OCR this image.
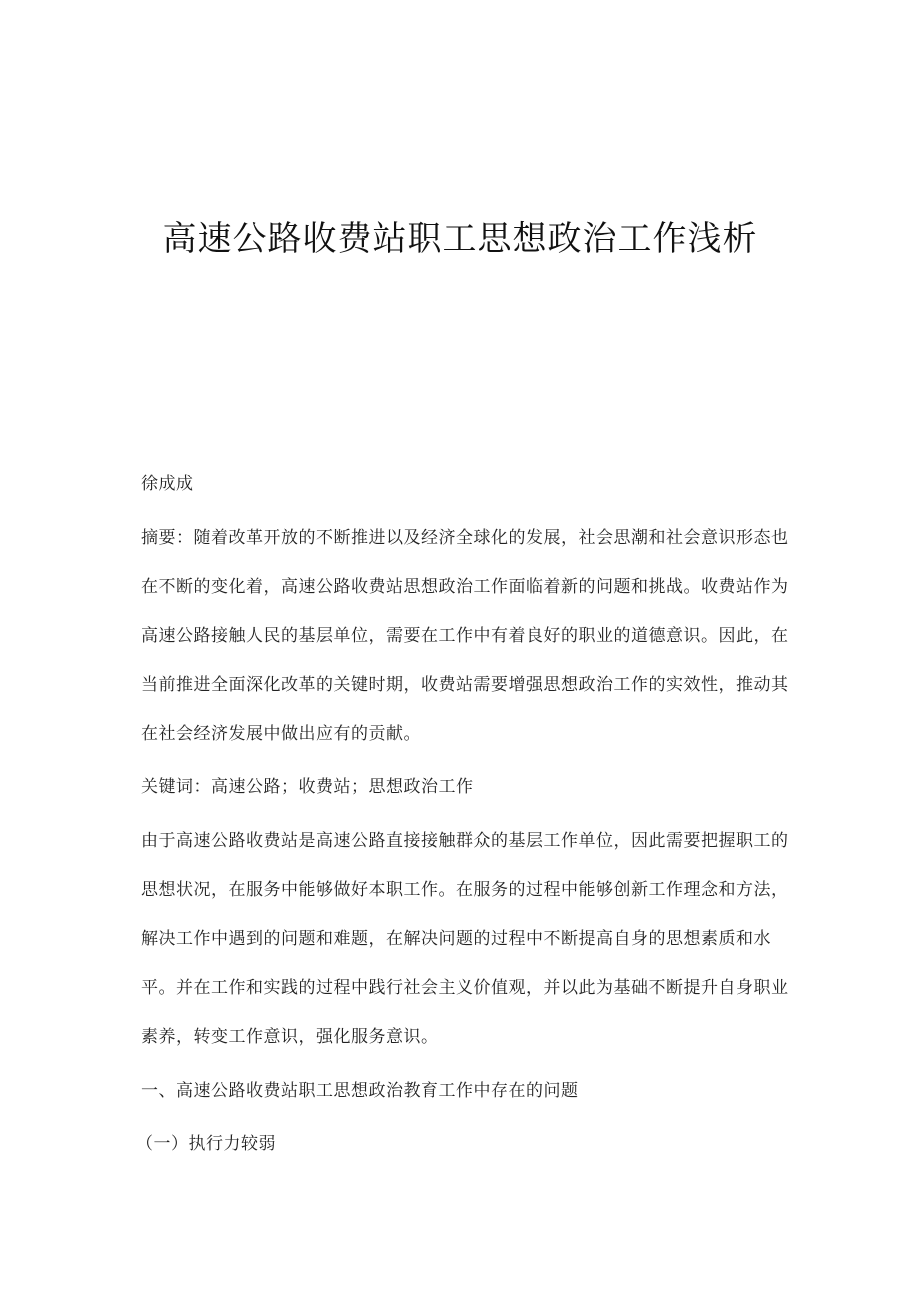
高速公路收费站职工思想政治工作浅析

徐成成

摘要：随着改革开放的不断推进以及经济全球化的发展，社会思潮和社会意识形态也在不断的变化着，高速公路收费站思想政治工作面临着新的问题和挑战。收费站作为高速公路接触人民的基层单位，需要在工作中有着良好的职业的道德意识。因此，在当前推进全面深化改革的关键时期，收费站需要增强思想政治工作的实效性，推动其在社会经济发展中做出应有的贡献。

关键词：高速公路；收费站；思想政治工作

由于高速公路收费站是高速公路直接接触群众的基层工作单位，因此需要把握职工的思想状况，在服务中能够做好本职工作。在服务的过程中能够创新工作理念和方法，解决工作中遇到的问题和难题，在解决问题的过程中不断提高自身的思想素质和水平。并在工作和实践的过程中践行社会主义价值观，并以此为基础不断提升自身职业素养，转变工作意识，强化服务意识。

一、高速公路收费站职工思想政治教育工作中存在的问题

（一）执行力较弱
